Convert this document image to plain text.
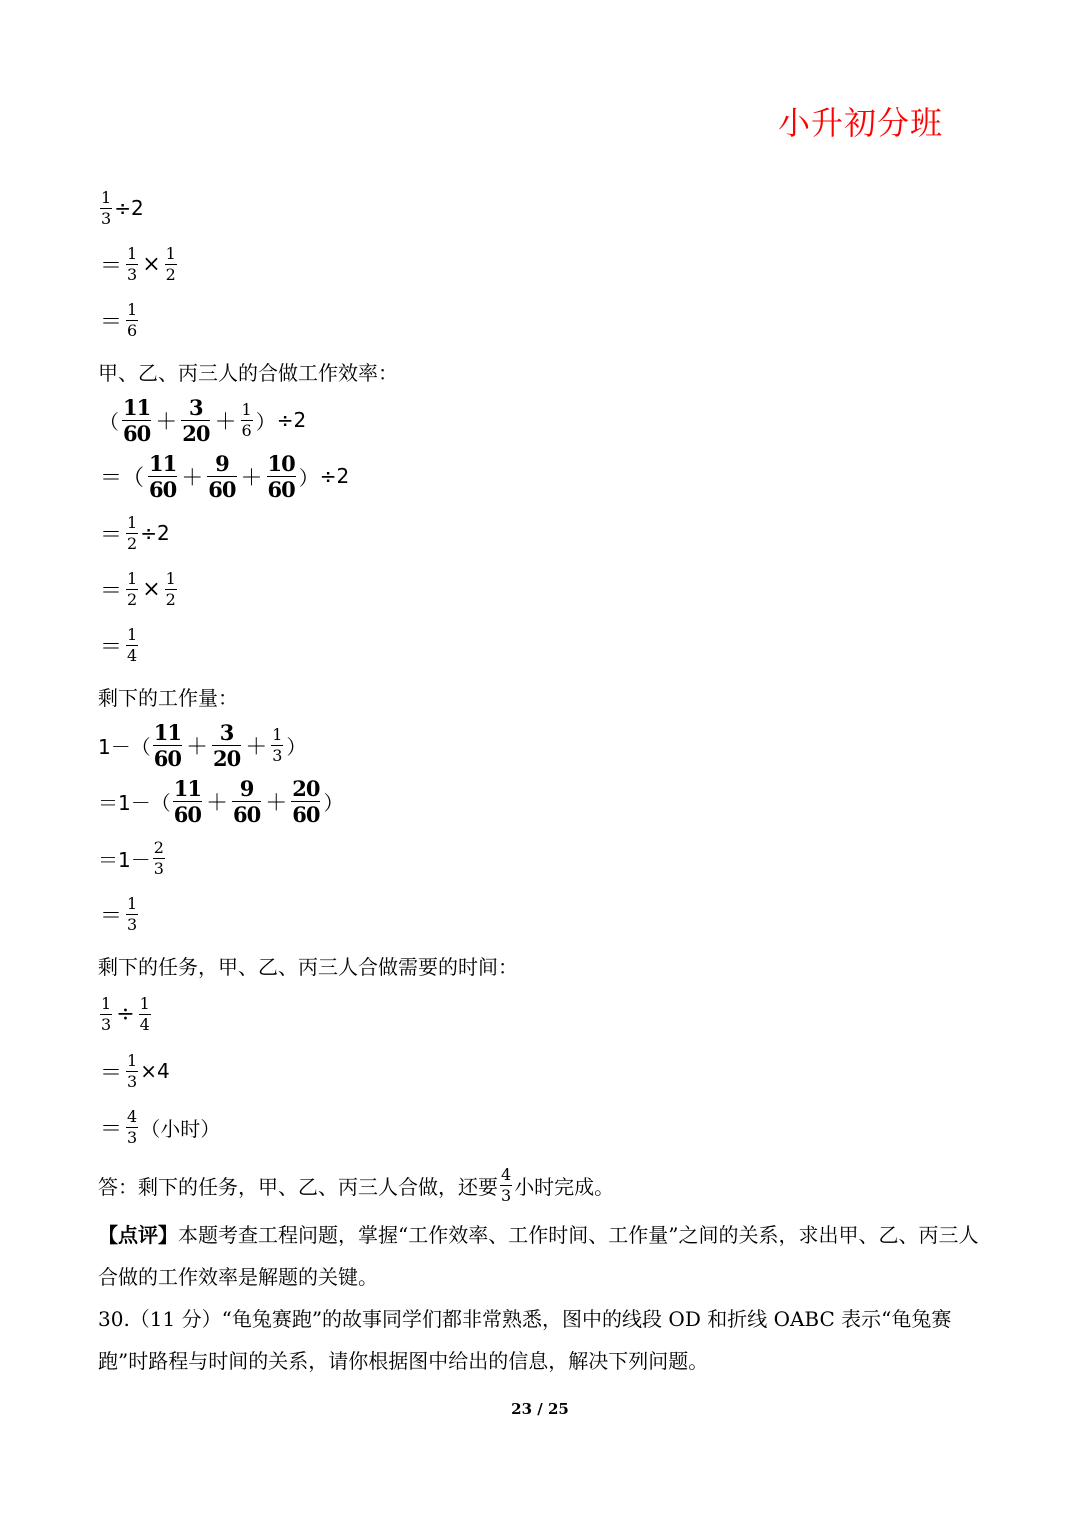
小升初分班
$\frac{1}{3} \div 2$
＝ $\frac{1}{3} \times \frac{1}{2}$
＝ $\frac{1}{6}$
甲、乙、丙三人的合做工作效率：
（ $\frac{11}{60} + \frac{3}{20} + \frac{1}{6}$ ） ÷2
＝（ $\frac{11}{60} + \frac{9}{60} + \frac{10}{60}$ ） ÷2
＝ $\frac{1}{2} \div 2$
＝ $\frac{1}{2} \times \frac{1}{2}$
＝ $\frac{1}{4}$
剩下的工作量：
$1-( \frac{11}{60} + \frac{3}{20} + \frac{1}{3}$ ）
$=1-( \frac{11}{60} + \frac{9}{60} + \frac{20}{60}$ ）
$=1- \frac{2}{3}$
＝ $\frac{1}{3}$
剩下的任务，甲、乙、丙三人合做需要的时间：
$\frac{1}{3} \div \frac{1}{4}$
＝ $\frac{1}{3} \times 4$
＝ $\frac{4}{3}$ （小时）
答：剩下的任务，甲、乙、丙三人合做，还要 $\frac{4}{3}$ 小时完成。
【点评】本题考查工程问题，掌握“工作效率、工作时间、工作量”之间的关系，求出甲、乙、丙三人合做的工作效率是解题的关键。
30.（11 分）“龟兔赛跑”的故事同学们都非常熟悉，图中的线段 OD 和折线 OABC 表示“龟兔赛跑”时路程与时间的关系，请你根据图中给出的信息，解决下列问题。
23 / 25
